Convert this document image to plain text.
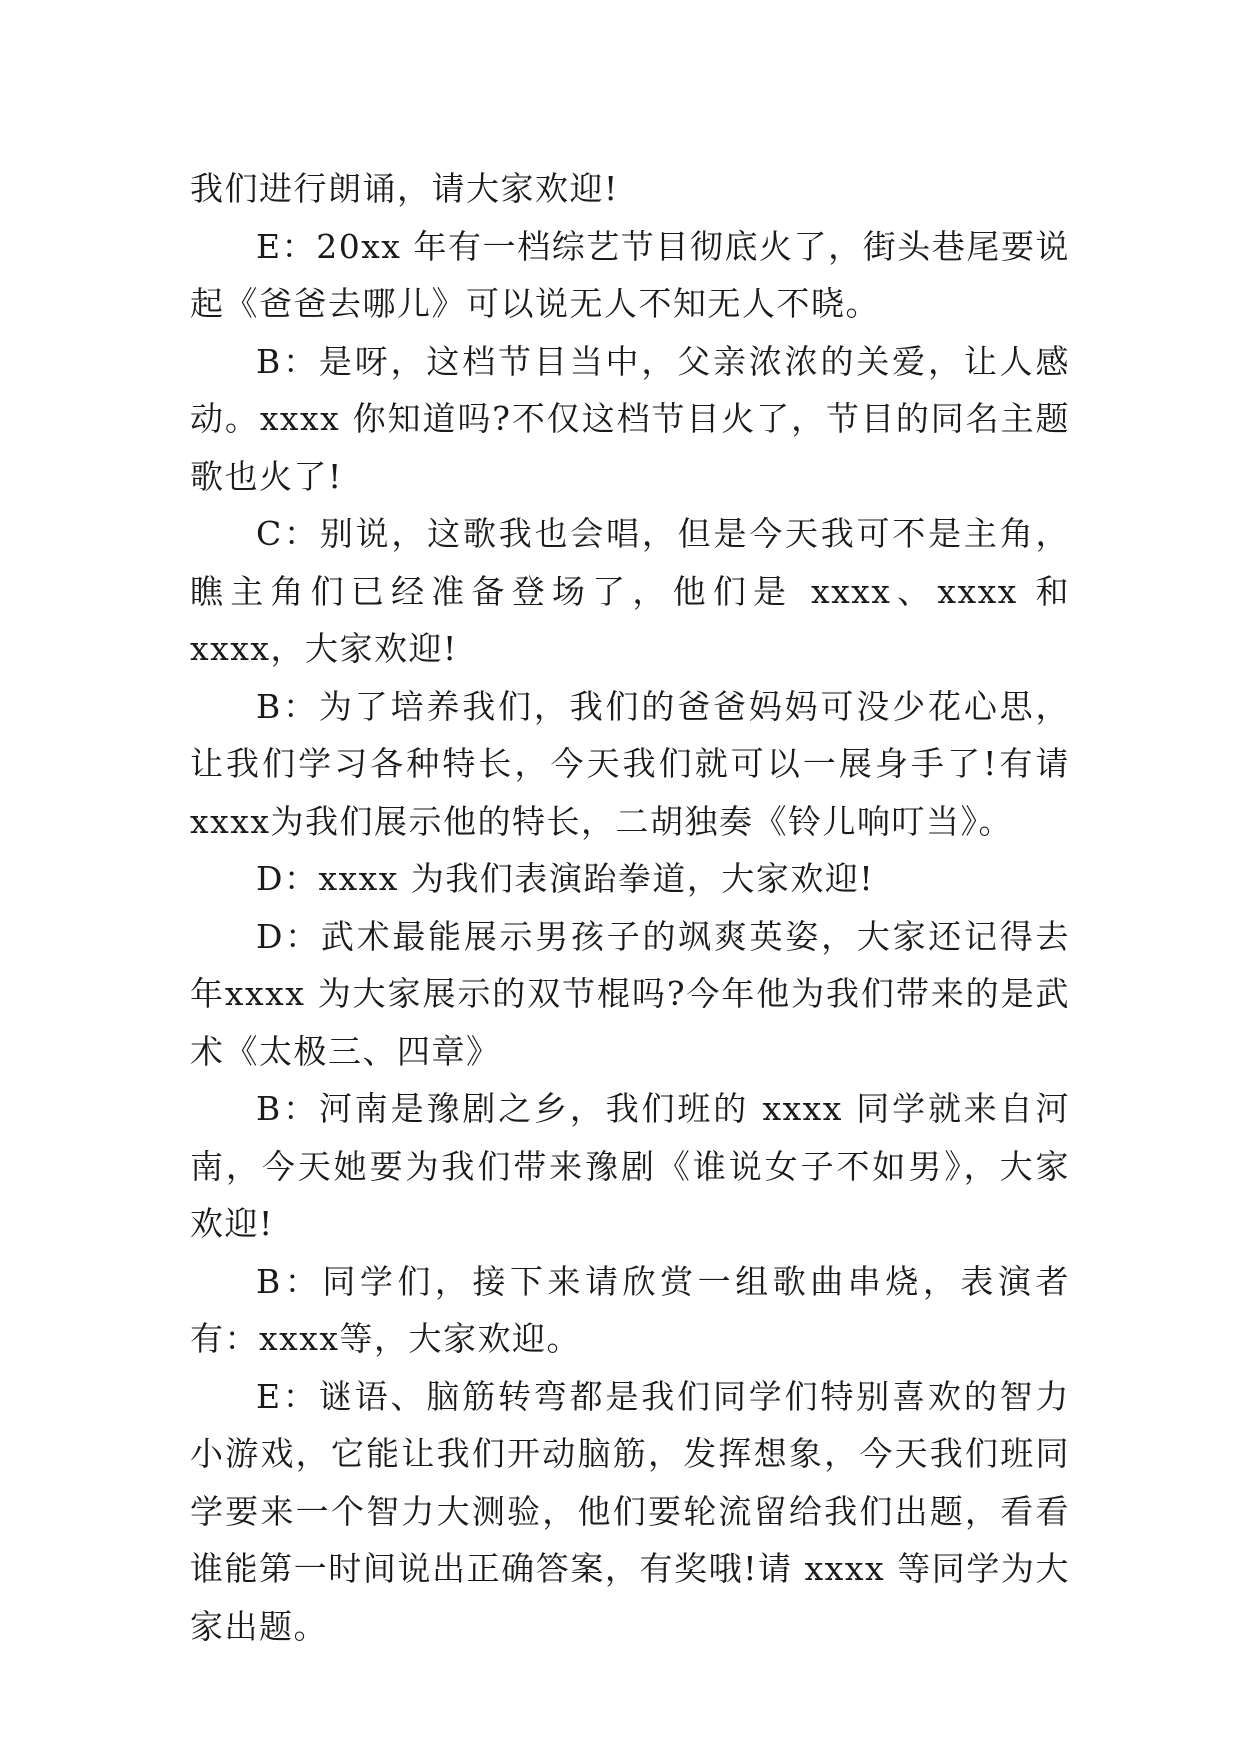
我们进行朗诵，请大家欢迎!

E：20xx 年有一档综艺节目彻底火了，街头巷尾要说起《爸爸去哪儿》可以说无人不知无人不晓。

B：是呀，这档节目当中，父亲浓浓的关爱，让人感动。xxxx 你知道吗?不仅这档节目火了，节目的同名主题歌也火了!

C：别说，这歌我也会唱，但是今天我可不是主角，瞧主角们已经准备登场了，他们是 xxxx、xxxx 和 xxxx，大家欢迎!

B：为了培养我们，我们的爸爸妈妈可没少花心思，让我们学习各种特长，今天我们就可以一展身手了!有请 xxxx为我们展示他的特长，二胡独奏《铃儿响叮当》。

D：xxxx 为我们表演跆拳道，大家欢迎!

D：武术最能展示男孩子的飒爽英姿，大家还记得去年xxxx 为大家展示的双节棍吗?今年他为我们带来的是武术《太极三、四章》

B：河南是豫剧之乡，我们班的 xxxx 同学就来自河南，今天她要为我们带来豫剧《谁说女子不如男》，大家欢迎!

B：同学们，接下来请欣赏一组歌曲串烧，表演者有：xxxx等，大家欢迎。

E：谜语、脑筋转弯都是我们同学们特别喜欢的智力小游戏，它能让我们开动脑筋，发挥想象，今天我们班同学要来一个智力大测验，他们要轮流留给我们出题，看看谁能第一时间说出正确答案，有奖哦!请 xxxx 等同学为大家出题。
